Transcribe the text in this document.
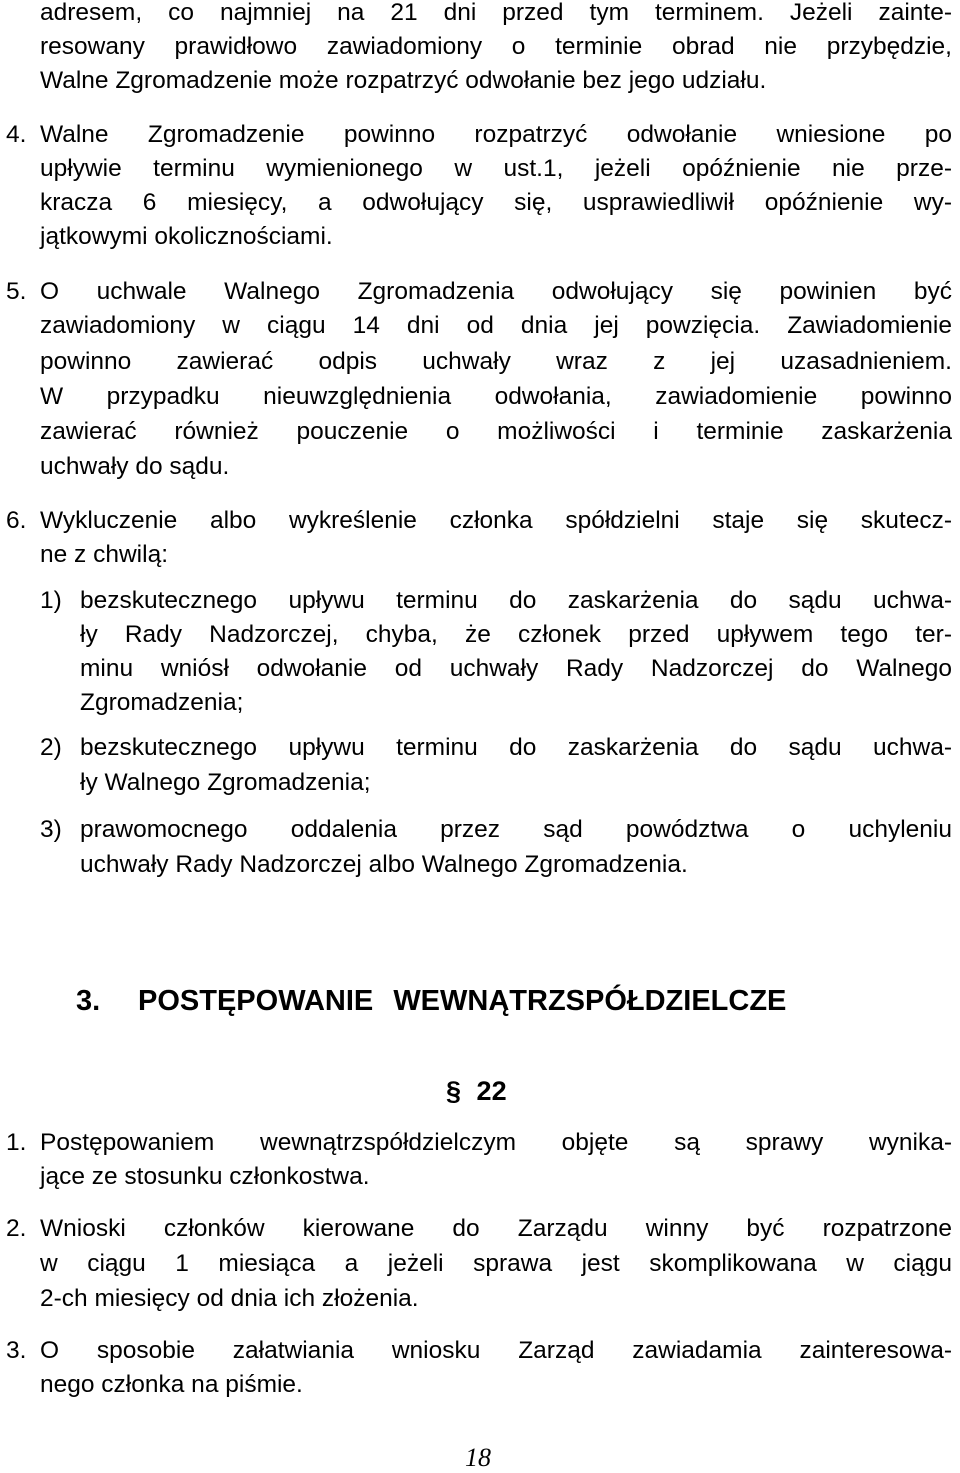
adresem, co najmniej na 21 dni przed tym terminem. Jeżeli zainte-
resowany prawidłowo zawiadomiony o terminie obrad nie przybędzie,
Walne Zgromadzenie może rozpatrzyć odwołanie bez jego udziału.
4. Walne Zgromadzenie powinno rozpatrzyć odwołanie wniesione po
upływie terminu wymienionego w ust.1, jeżeli opóźnienie nie prze-
kracza 6 miesięcy, a odwołujący się, usprawiedliwił opóźnienie wy-
jątkowymi okolicznościami.
5. O uchwale Walnego Zgromadzenia odwołujący się powinien być
zawiadomiony w ciągu 14 dni od dnia jej powzięcia. Zawiadomienie
powinno zawierać odpis uchwały wraz z jej uzasadnieniem.
W przypadku nieuwzględnienia odwołania, zawiadomienie powinno
zawierać również pouczenie o możliwości i terminie zaskarżenia
uchwały do sądu.
6. Wykluczenie albo wykreślenie członka spółdzielni staje się skutecz-
ne z chwilą:
1) bezskutecznego upływu terminu do zaskarżenia do sądu uchwa-
ły Rady Nadzorczej, chyba, że członek przed upływem tego ter-
minu wniósł odwołanie od uchwały Rady Nadzorczej do Walnego
Zgromadzenia;
2) bezskutecznego upływu terminu do zaskarżenia do sądu uchwa-
ły Walnego Zgromadzenia;
3) prawomocnego oddalenia przez sąd powództwa o uchyleniu
uchwały Rady Nadzorczej albo Walnego Zgromadzenia.
3. POSTĘPOWANIE WEWNĄTRZSPÓŁDZIELCZE
§ 22
1. Postępowaniem wewnątrzspółdzielczym objęte są sprawy wynika-
jące ze stosunku członkostwa.
2. Wnioski członków kierowane do Zarządu winny być rozpatrzone
w ciągu 1 miesiąca a jeżeli sprawa jest skomplikowana w ciągu
2-ch miesięcy od dnia ich złożenia.
3. O sposobie załatwiania wniosku Zarząd zawiadamia zainteresowa-
nego członka na piśmie.
18
